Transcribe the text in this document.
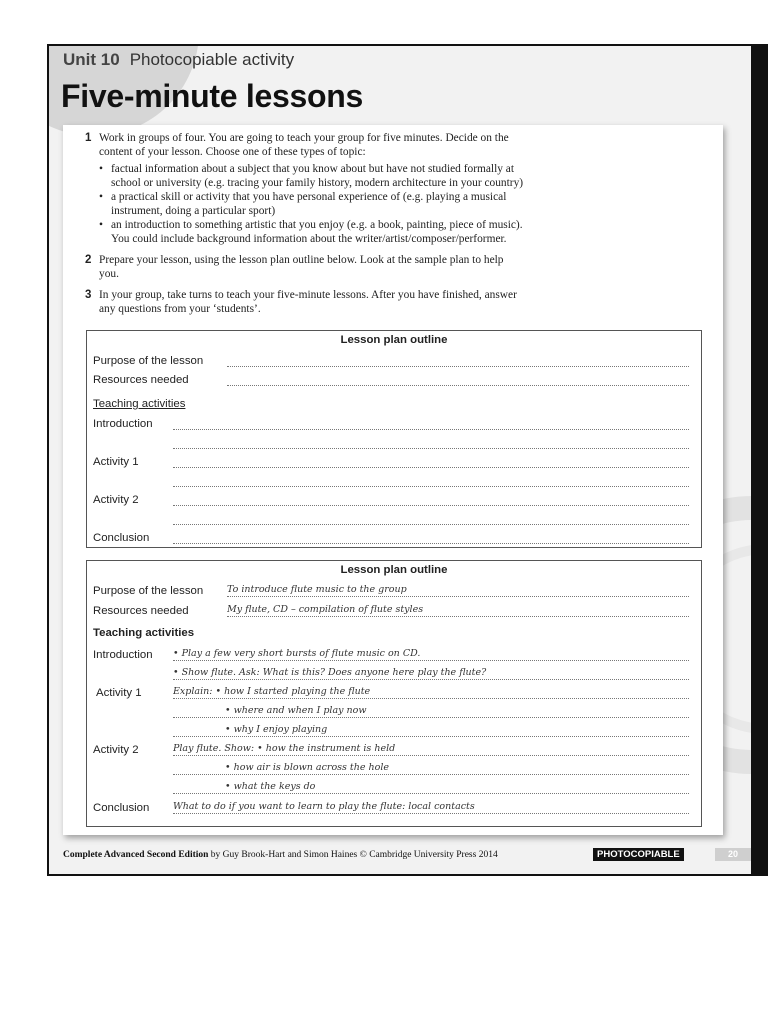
Unit 10 Photocopiable activity
Five-minute lessons
1 Work in groups of four. You are going to teach your group for five minutes. Decide on the

content of your lesson. Choose one of these types of topic:

• factual information about a subject that you know about but have not studied formally at

school or university (e.g. tracing your family history, modern architecture in your country)

• a practical skill or activity that you have personal experience of (e.g. playing a musical

instrument, doing a particular sport)

• an introduction to something artistic that you enjoy (e.g. a book, painting, piece of music).

You could include background information about the writer/artist/composer/performer.

2 Prepare your lesson, using the lesson plan outline below. Look at the sample plan to help

you.

3 In your group, take turns to teach your five-minute lessons. After you have finished, answer

any questions from your ‘students’.

Lesson plan outline
Purpose of the lesson
Resources needed
Teaching activities
Introduction
Activity 1
Activity 2
Conclusion
Lesson plan outline
Purpose of the lesson	To introduce flute music to the group
Resources needed	My flute, CD – compilation of flute styles
Teaching activities
Introduction	• Play a few very short bursts of flute music on CD.
• Show flute. Ask: What is this? Does anyone here play the flute?
Activity 1	Explain: • how I started playing the flute
• where and when I play now
• why I enjoy playing
Activity 2	Play flute. Show: • how the instrument is held
• how air is blown across the hole
• what the keys do
Conclusion	What to do if you want to learn to play the flute: local contacts
Complete Advanced Second Edition by Guy Brook-Hart and Simon Haines © Cambridge University Press 2014	PHOTOCOPIABLE	20
